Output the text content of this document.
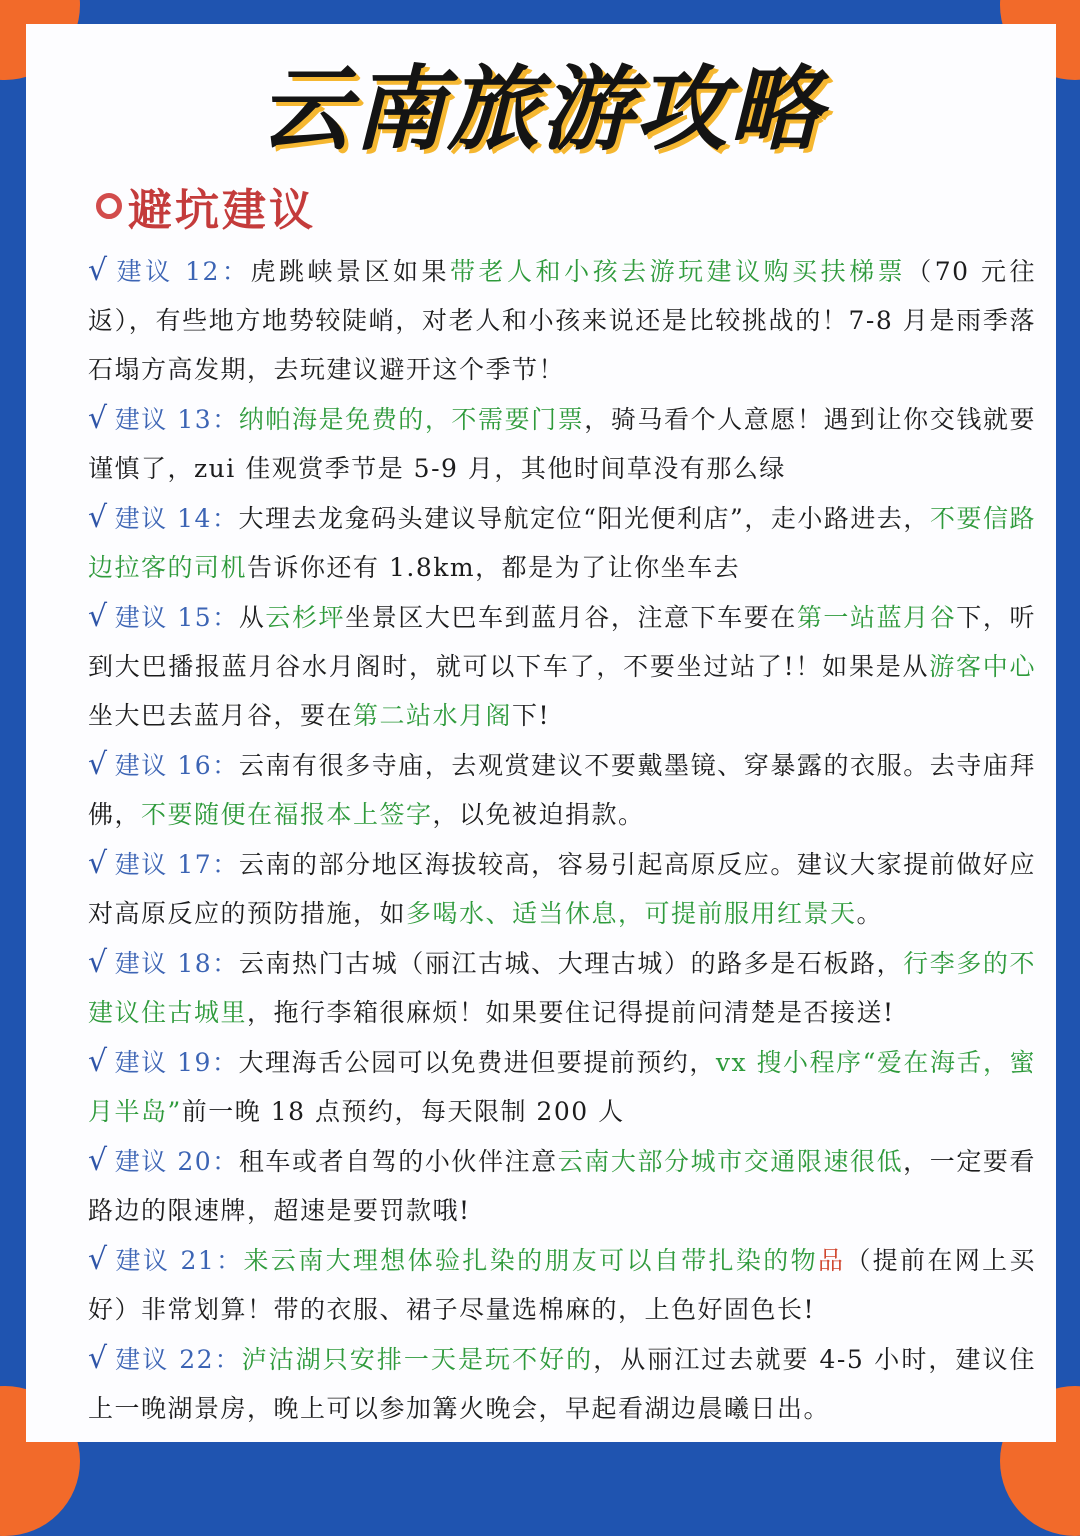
云南旅游攻略
避坑建议

√ 建议 12：虎跳峡景区如果带老人和小孩去游玩建议购买扶梯票（70 元往返），有些地方地势较陡峭，对老人和小孩来说还是比较挑战的！7-8 月是雨季落石塌方高发期，去玩建议避开这个季节！

√ 建议 13：纳帕海是免费的，不需要门票，骑马看个人意愿！遇到让你交钱就要谨慎了，zui 佳观赏季节是 5-9 月，其他时间草没有那么绿

√ 建议 14：大理去龙龛码头建议导航定位“阳光便利店”，走小路进去，不要信路边拉客的司机告诉你还有 1.8km，都是为了让你坐车去

√ 建议 15：从云杉坪坐景区大巴车到蓝月谷，注意下车要在第一站蓝月谷下，听到大巴播报蓝月谷水月阁时，就可以下车了，不要坐过站了!！如果是从游客中心坐大巴去蓝月谷，要在第二站水月阁下!

√ 建议 16：云南有很多寺庙，去观赏建议不要戴墨镜、穿暴露的衣服。去寺庙拜佛，不要随便在福报本上签字，以免被迫捐款。

√ 建议 17：云南的部分地区海拔较高，容易引起高原反应。建议大家提前做好应对高原反应的预防措施，如多喝水、适当休息，可提前服用红景天。

√ 建议 18：云南热门古城（丽江古城、大理古城）的路多是石板路，行李多的不建议住古城里，拖行李箱很麻烦！如果要住记得提前问清楚是否接送!

√ 建议 19：大理海舌公园可以免费进但要提前预约，vx 搜小程序“爱在海舌，蜜月半岛”前一晚 18 点预约，每天限制 200 人

√ 建议 20：租车或者自驾的小伙伴注意云南大部分城市交通限速很低，一定要看路边的限速牌，超速是要罚款哦!

√ 建议 21：来云南大理想体验扎染的朋友可以自带扎染的物品（提前在网上买好）非常划算！带的衣服、裙子尽量选棉麻的，上色好固色长!

√ 建议 22：泸沽湖只安排一天是玩不好的，从丽江过去就要 4-5 小时，建议住上一晚湖景房，晚上可以参加篝火晚会，早起看湖边晨曦日出。
